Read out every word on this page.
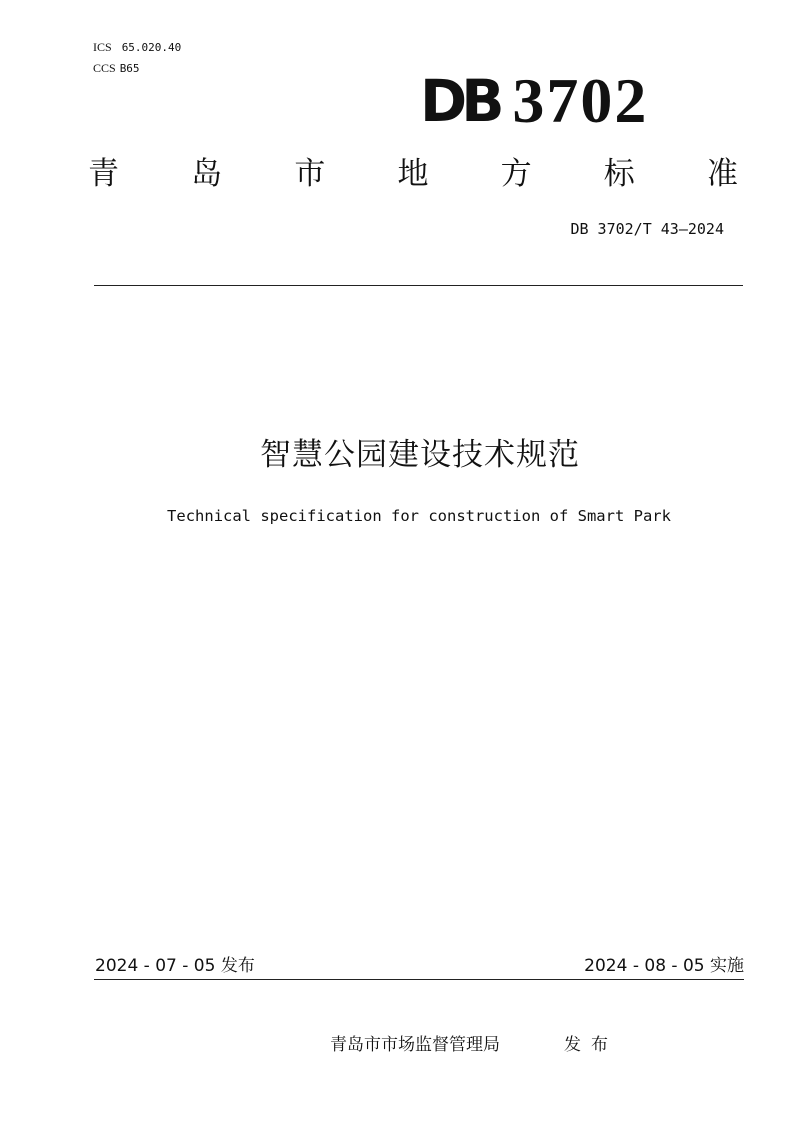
ICS 65.020.40
CCS B65	DB 3702
青 岛 市 地 方 标 准
DB 3702/T 43—2024
智慧公园建设技术规范
Technical specification for construction of Smart Park
2024 - 07 - 05 发布	2024 - 08 - 05 实施
青岛市市场监督管理局	发布
